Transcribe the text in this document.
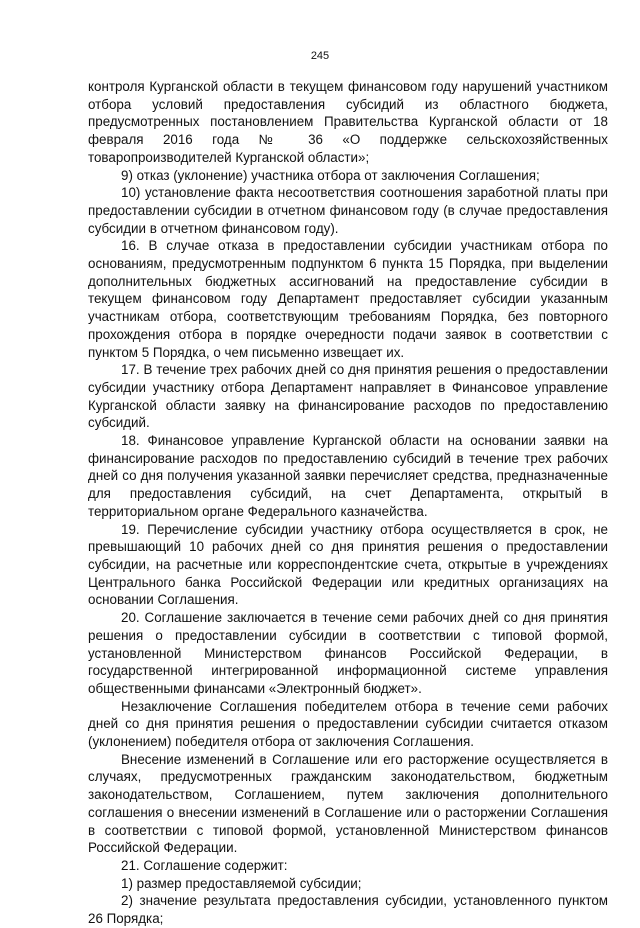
245

контроля Курганской области в текущем финансовом году нарушений участником отбора условий предоставления субсидий из областного бюджета, предусмотренных постановлением Правительства Курганской области от 18 февраля 2016 года № 36 «О поддержке сельскохозяйственных товаропроизводителей Курганской области»;

9) отказ (уклонение) участника отбора от заключения Соглашения;

10) установление факта несоответствия соотношения заработной платы при предоставлении субсидии в отчетном финансовом году (в случае предоставления субсидии в отчетном финансовом году).

16. В случае отказа в предоставлении субсидии участникам отбора по основаниям, предусмотренным подпунктом 6 пункта 15 Порядка, при выделении дополнительных бюджетных ассигнований на предоставление субсидии в текущем финансовом году Департамент предоставляет субсидии указанным участникам отбора, соответствующим требованиям Порядка, без повторного прохождения отбора в порядке очередности подачи заявок в соответствии с пунктом 5 Порядка, о чем письменно извещает их.

17. В течение трех рабочих дней со дня принятия решения о предоставлении субсидии участнику отбора Департамент направляет в Финансовое управление Курганской области заявку на финансирование расходов по предоставлению субсидий.

18. Финансовое управление Курганской области на основании заявки на финансирование расходов по предоставлению субсидий в течение трех рабочих дней со дня получения указанной заявки перечисляет средства, предназначенные для предоставления субсидий, на счет Департамента, открытый в территориальном органе Федерального казначейства.

19. Перечисление субсидии участнику отбора осуществляется в срок, не превышающий 10 рабочих дней со дня принятия решения о предоставлении субсидии, на расчетные или корреспондентские счета, открытые в учреждениях Центрального банка Российской Федерации или кредитных организациях на основании Соглашения.

20. Соглашение заключается в течение семи рабочих дней со дня принятия решения о предоставлении субсидии в соответствии с типовой формой, установленной Министерством финансов Российской Федерации, в государственной интегрированной информационной системе управления общественными финансами «Электронный бюджет».

Незаключение Соглашения победителем отбора в течение семи рабочих дней со дня принятия решения о предоставлении субсидии считается отказом (уклонением) победителя отбора от заключения Соглашения.

Внесение изменений в Соглашение или его расторжение осуществляется в случаях, предусмотренных гражданским законодательством, бюджетным законодательством, Соглашением, путем заключения дополнительного соглашения о внесении изменений в Соглашение или о расторжении Соглашения в соответствии с типовой формой, установленной Министерством финансов Российской Федерации.

21. Соглашение содержит:

1) размер предоставляемой субсидии;

2) значение результата предоставления субсидии, установленного пунктом 26 Порядка;
